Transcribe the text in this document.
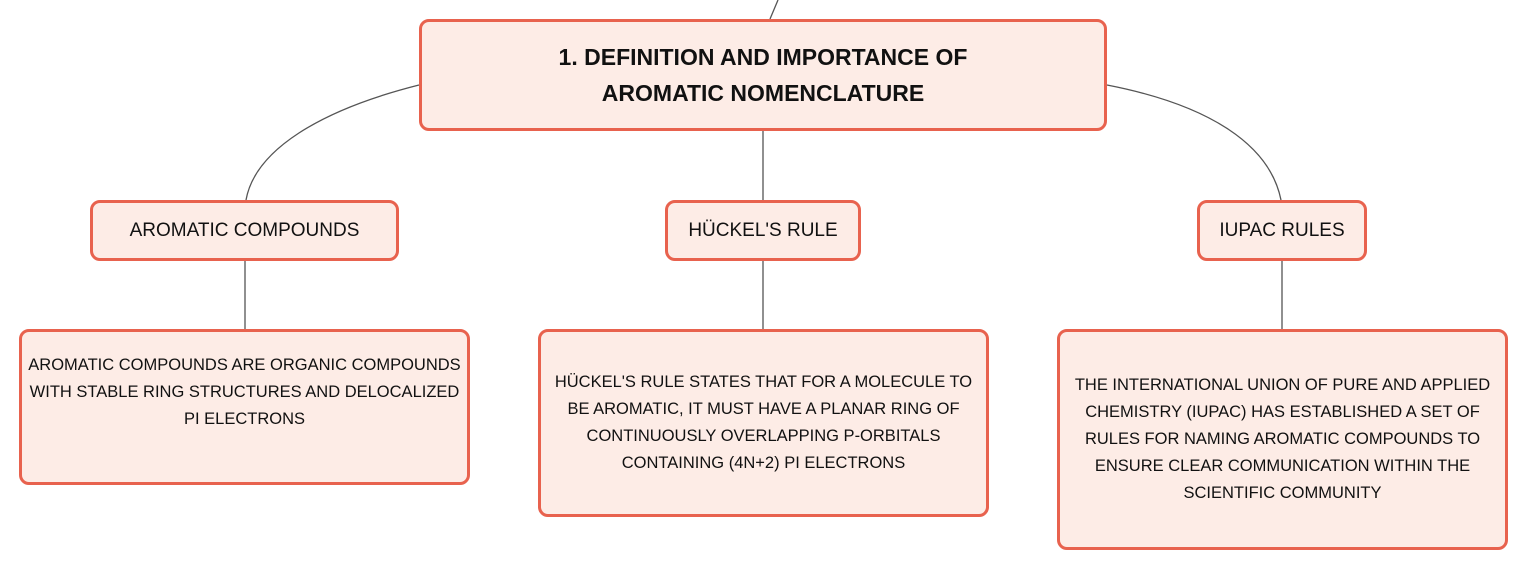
1. DEFINITION AND IMPORTANCE OF AROMATIC NOMENCLATURE
AROMATIC COMPOUNDS	HÜCKEL'S RULE	IUPAC RULES
AROMATIC COMPOUNDS ARE ORGANIC COMPOUNDS WITH STABLE RING STRUCTURES AND DELOCALIZED PI ELECTRONS
HÜCKEL'S RULE STATES THAT FOR A MOLECULE TO BE AROMATIC, IT MUST HAVE A PLANAR RING OF CONTINUOUSLY OVERLAPPING P-ORBITALS CONTAINING (4N+2) PI ELECTRONS
THE INTERNATIONAL UNION OF PURE AND APPLIED CHEMISTRY (IUPAC) HAS ESTABLISHED A SET OF RULES FOR NAMING AROMATIC COMPOUNDS TO ENSURE CLEAR COMMUNICATION WITHIN THE SCIENTIFIC COMMUNITY
